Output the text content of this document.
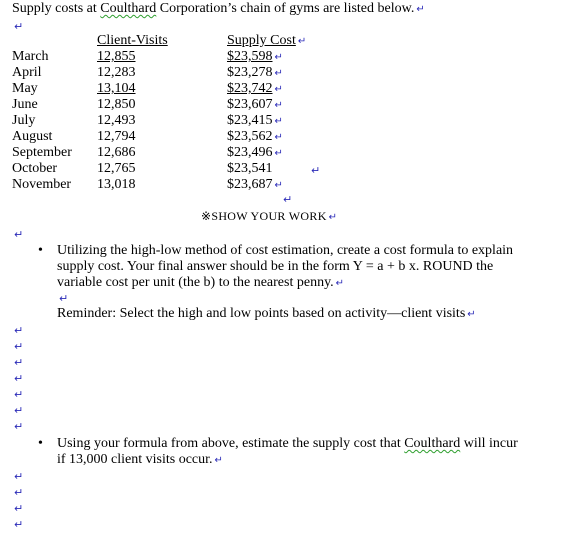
Supply costs at Coulthard Corporation’s chain of gyms are listed below. ↵
↵
Client-Visits	Supply Cost ↵
March
April
May
June
July
August
September
October
November
12,855
12,283
13,104
12,850
12,493
12,794
12,686
12,765
13,018
$23,598 ↵
$23,278 ↵
$23,742 ↵
$23,607 ↵
$23,415 ↵
$23,562 ↵
$23,496 ↵
$23,541
$23,687 ↵
↵
↵
※SHOW YOUR WORK ↵
↵
• Utilizing the high-low method of cost estimation, create a cost formula to explain supply cost. Your final answer should be in the form Y = a + b x. ROUND the variable cost per unit (the b) to the nearest penny. ↵
↵
Reminder: Select the high and low points based on activity—client visits ↵
↵
↵
↵
↵
↵
↵
↵
• Using your formula from above, estimate the supply cost that Coulthard will incur if 13,000 client visits occur. ↵
↵
↵
↵
↵
